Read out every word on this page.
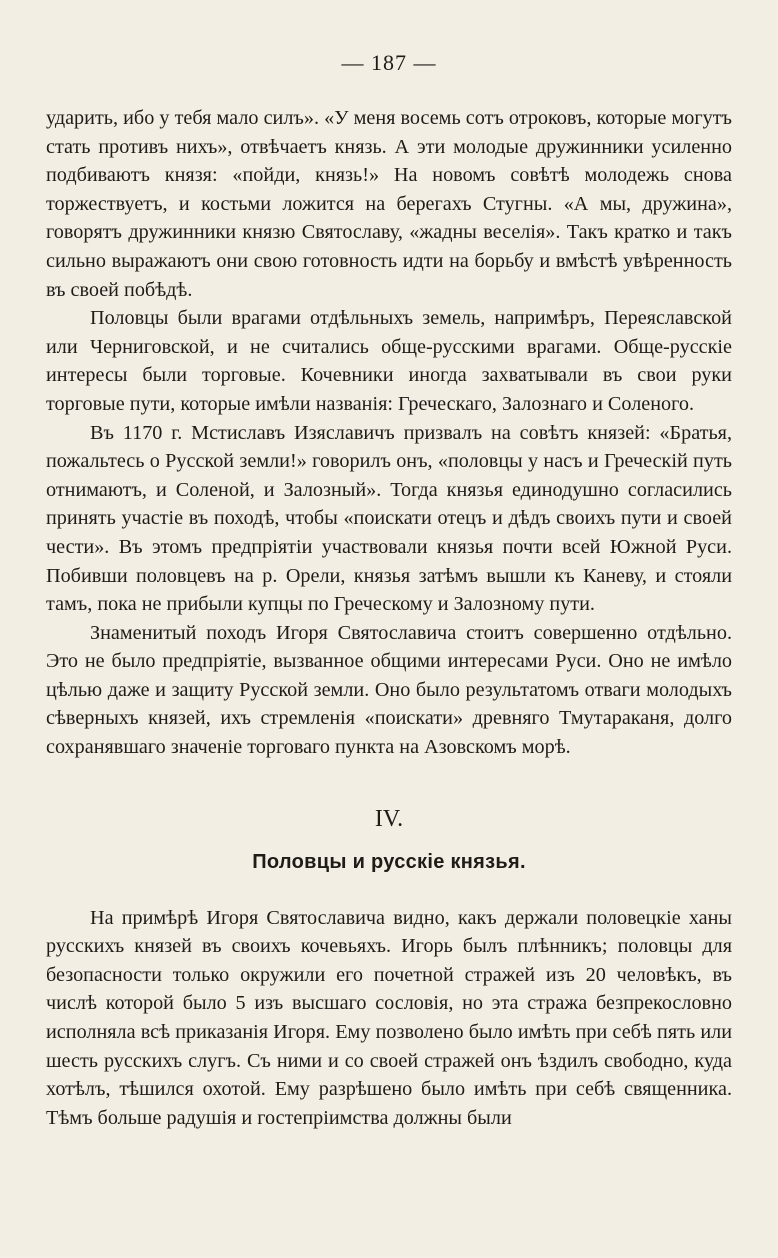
— 187 —

ударить, ибо у тебя мало силъ». «У меня восемь сотъ отроковъ, которые могутъ стать противъ нихъ», отвѣчаетъ князь. А эти молодые дружинники усиленно подбиваютъ князя: «пойди, князь!» На новомъ совѣтѣ молодежь снова торжествуетъ, и костьми ложится на берегахъ Стугны. «А мы, дружина», говорятъ дружинники князю Святославу, «жадны веселія». Такъ кратко и такъ сильно выражаютъ они свою готовность идти на борьбу и вмѣстѣ увѣренность въ своей побѣдѣ.

Половцы были врагами отдѣльныхъ земель, напримѣръ, Переяславской или Черниговской, и не считались обще-русскими врагами. Обще-русскіе интересы были торговые. Кочевники иногда захватывали въ свои руки торговые пути, которые имѣли названія: Греческаго, Залознаго и Соленого.

Въ 1170 г. Мстиславъ Изяславичъ призвалъ на совѣтъ князей: «Братья, пожальтесь о Русской земли!» говорилъ онъ, «половцы у насъ и Греческій путь отнимаютъ, и Соленой, и Залозный». Тогда князья единодушно согласились принять участіе въ походѣ, чтобы «поискати отецъ и дѣдъ своихъ пути и своей чести». Въ этомъ предпріятіи участвовали князья почти всей Южной Руси. Побивши половцевъ на р. Орели, князья затѣмъ вышли къ Каневу, и стояли тамъ, пока не прибыли купцы по Греческому и Залозному пути.

Знаменитый походъ Игоря Святославича стоитъ совершенно отдѣльно. Это не было предпріятіе, вызванное общими интересами Руси. Оно не имѣло цѣлью даже и защиту Русской земли. Оно было результатомъ отваги молодыхъ сѣверныхъ князей, ихъ стремленія «поискати» древняго Тмутараканя, долго сохранявшаго значеніе торговаго пункта на Азовскомъ морѣ.

IV.
Половцы и русскіе князья.

На примѣрѣ Игоря Святославича видно, какъ держали половецкіе ханы русскихъ князей въ своихъ кочевьяхъ. Игорь былъ плѣнникъ; половцы для безопасности только окружили его почетной стражей изъ 20 человѣкъ, въ числѣ которой было 5 изъ высшаго сословія, но эта стража безпрекословно исполняла всѣ приказанія Игоря. Ему позволено было имѣть при себѣ пять или шесть русскихъ слугъ. Съ ними и со своей стражей онъ ѣздилъ свободно, куда хотѣлъ, тѣшился охотой. Ему разрѣшено было имѣть при себѣ священника. Тѣмъ больше радушія и гостепріимства должны были
